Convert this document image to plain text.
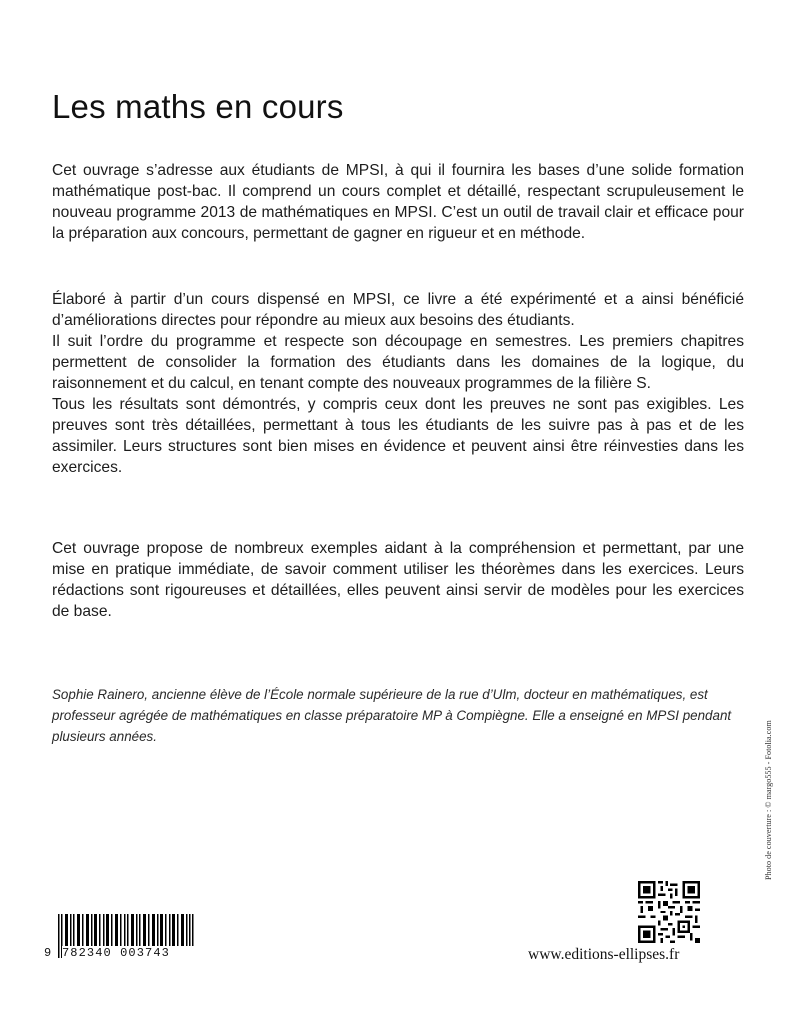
Les maths en cours

Cet ouvrage s’adresse aux étudiants de MPSI, à qui il fournira les bases d’une solide formation mathématique post-bac. Il comprend un cours complet et détaillé, respectant scrupuleusement le nouveau programme 2013 de mathématiques en MPSI. C’est un outil de travail clair et efficace pour la préparation aux concours, permettant de gagner en rigueur et en méthode.

Élaboré à partir d’un cours dispensé en MPSI, ce livre a été expérimenté et a ainsi bénéficié d’améliorations directes pour répondre au mieux aux besoins des étudiants.

Il suit l’ordre du programme et respecte son découpage en semestres. Les premiers chapitres permettent de consolider la formation des étudiants dans les domaines de la logique, du raisonnement et du calcul, en tenant compte des nouveaux programmes de la filière S.

Tous les résultats sont démontrés, y compris ceux dont les preuves ne sont pas exigibles. Les preuves sont très détaillées, permettant à tous les étudiants de les suivre pas à pas et de les assimiler. Leurs structures sont bien mises en évidence et peuvent ainsi être réinvesties dans les exercices.

Cet ouvrage propose de nombreux exemples aidant à la compréhension et permettant, par une mise en pratique immédiate, de savoir comment utiliser les théorèmes dans les exercices. Leurs rédactions sont rigoureuses et détaillées, elles peuvent ainsi servir de modèles pour les exercices de base.

Sophie Rainero, ancienne élève de l’École normale supérieure de la rue d’Ulm, docteur en mathématiques, est professeur agrégée de mathématiques en classe préparatoire MP à Compiègne. Elle a enseigné en MPSI pendant plusieurs années.	Photo de couverture : © margo555 - Fotolia.com
9 782340 003743	www.editions-ellipses.fr
